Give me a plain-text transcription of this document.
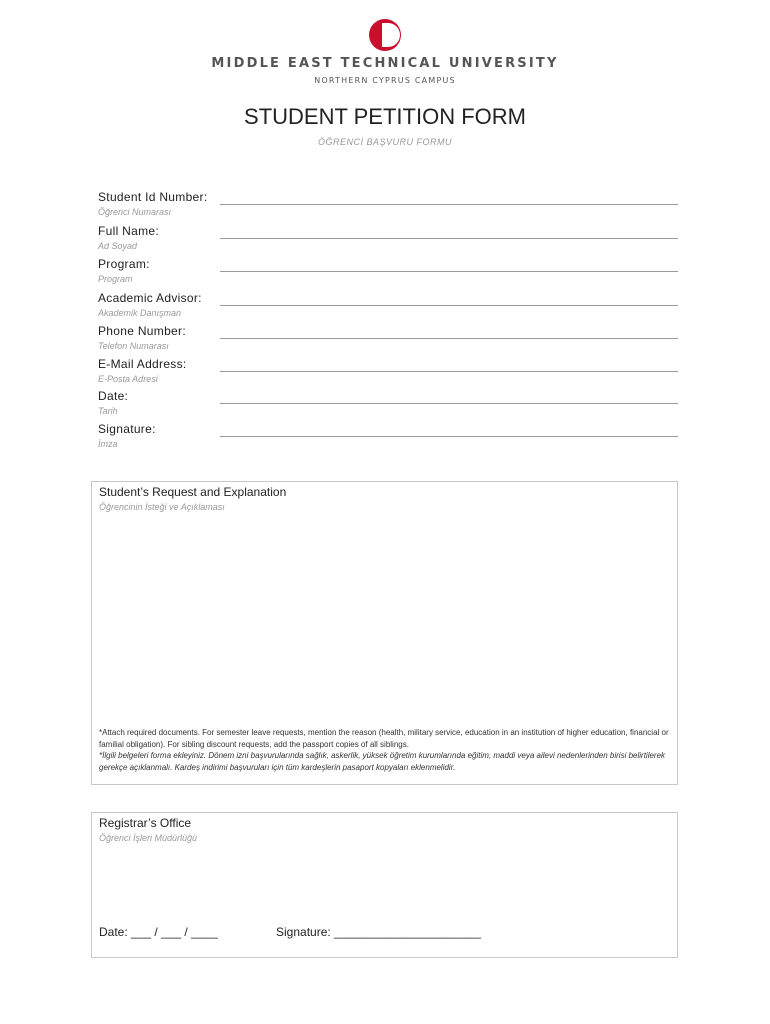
MIDDLE EAST TECHNICAL UNIVERSITY
NORTHERN CYPRUS CAMPUS
STUDENT PETITION FORM
ÖĞRENCİ BAŞVURU FORMU
Student Id Number:
Öğrenci Numarası
Full Name:
Ad Soyad
Program:
Program
Academic Advisor:
Akademik Danışman
Phone Number:
Telefon Numarası
E-Mail Address:
E-Posta Adresi
Date:
Tarih
Signature:
İmza
Student’s Request and Explanation
Öğrencinin İsteği ve Açıklaması
*Attach required documents. For semester leave requests, mention the reason (health, military service, education in an institution of higher education, financial or familial obligation). For sibling discount requests, add the passport copies of all siblings.
*İlgili belgeleri forma ekleyiniz. Dönem izni başvurularında sağlık, askerlik, yüksek öğretim kurumlarında eğitim, maddi veya ailevi nedenlerinden birisi belirtilerek gerekçe açıklanmalı. Kardeş indirimi başvuruları için tüm kardeşlerin pasaport kopyaları eklenmelidir.
Registrar’s Office
Öğrenci İşleri Müdürlüğü
Date: ___ / ___ / ____	Signature: ______________________
